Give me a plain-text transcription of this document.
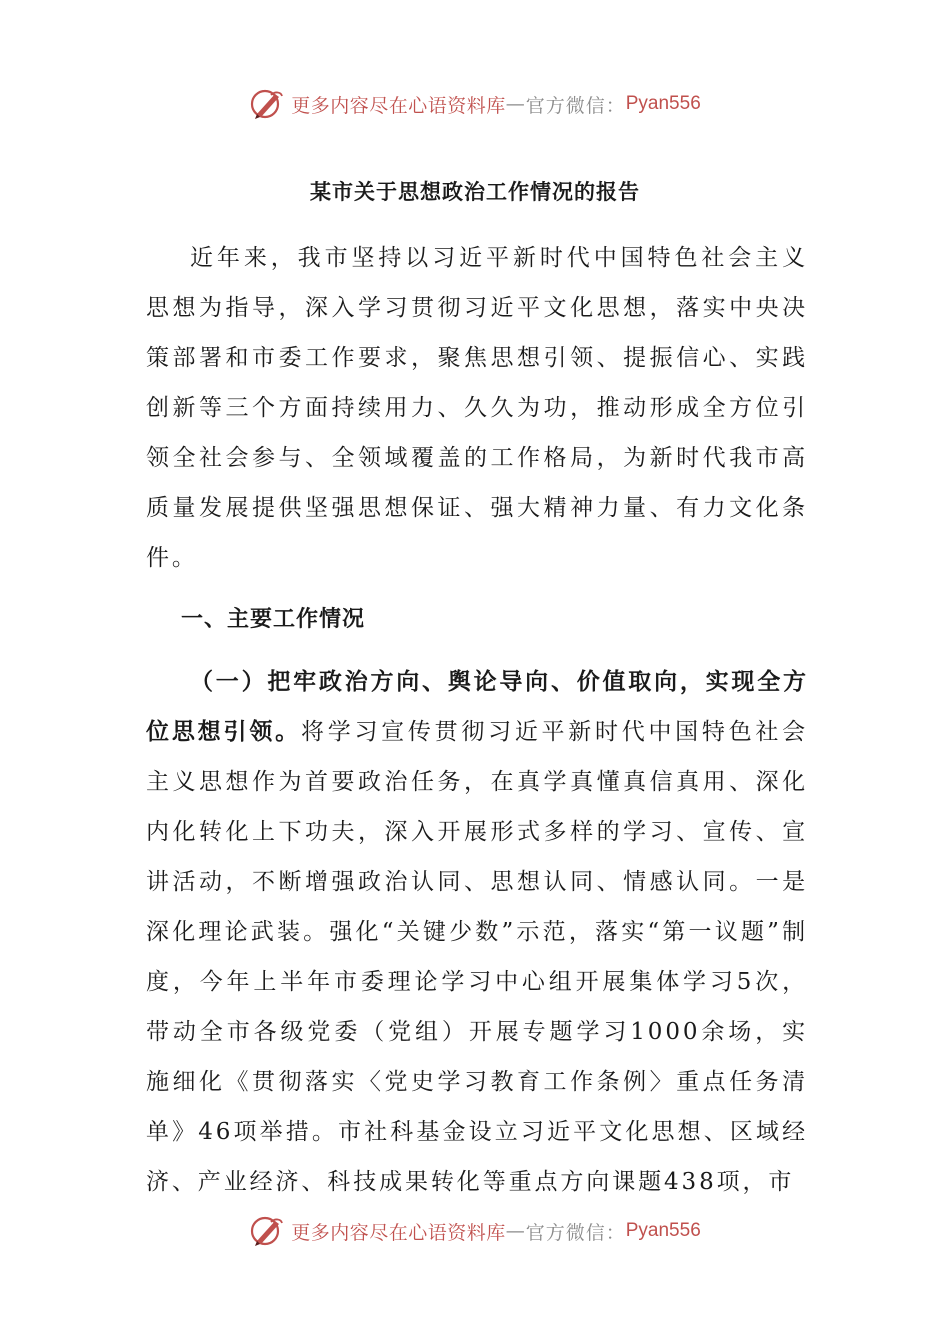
更多内容尽在心语资料库 — 官方微信： Pyan556
某市关于思想政治工作情况的报告

近年来，我市坚持以习近平新时代中国特色社会主义思想为指导，深入学习贯彻习近平文化思想，落实中央决策部署和市委工作要求，聚焦思想引领、提振信心、实践创新等三个方面持续用力、久久为功，推动形成全方位引领全社会参与、全领域覆盖的工作格局，为新时代我市高质量发展提供坚强思想保证、强大精神力量、有力文化条件。

一、主要工作情况

（一）把牢政治方向、舆论导向、价值取向，实现全方位思想引领。将学习宣传贯彻习近平新时代中国特色社会主义思想作为首要政治任务，在真学真懂真信真用、深化内化转化上下功夫，深入开展形式多样的学习、宣传、宣讲活动，不断增强政治认同、思想认同、情感认同。一是深化理论武装。强化“关键少数”示范，落实“第一议题”制度，今年上半年市委理论学习中心组开展集体学习5次，带动全市各级党委（党组）开展专题学习1000余场，实施细化《贯彻落实〈党史学习教育工作条例〉重点任务清单》46项举措。市社科基金设立习近平文化思想、区域经济、产业经济、科技成果转化等重点方向课题438项，市

更多内容尽在心语资料库 — 官方微信： Pyan556
